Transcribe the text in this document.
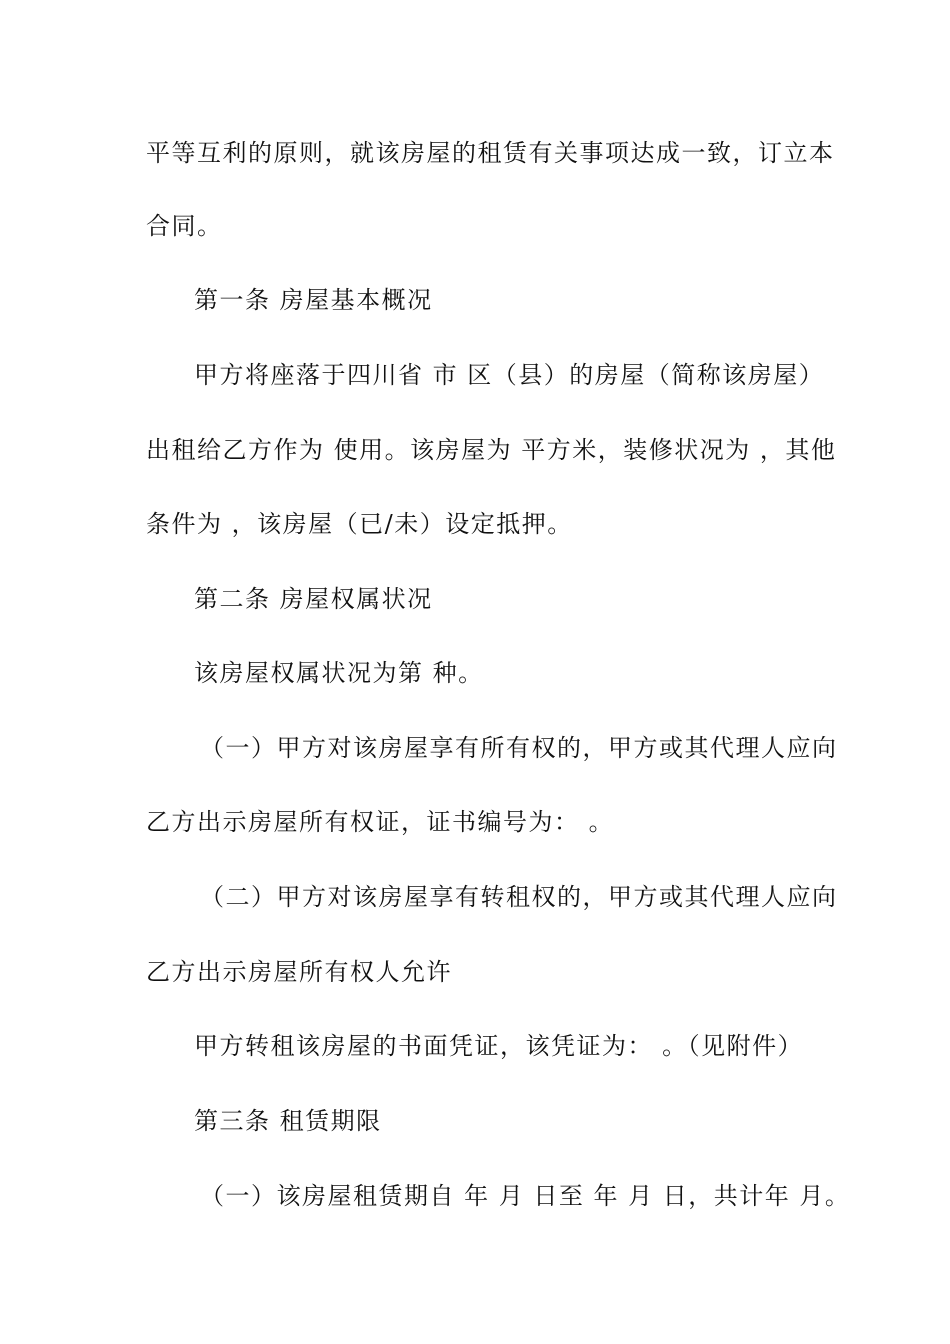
平等互利的原则，就该房屋的租赁有关事项达成一致，订立本
合同。
第一条 房屋基本概况
甲方将座落于四川省 市 区（县）的房屋（简称该房屋）
出租给乙方作为 使用。该房屋为 平方米，装修状况为 ，其他
条件为 ，该房屋（已/未）设定抵押。
第二条 房屋权属状况
该房屋权属状况为第 种。
（一）甲方对该房屋享有所有权的，甲方或其代理人应向
乙方出示房屋所有权证，证书编号为： 。
（二）甲方对该房屋享有转租权的，甲方或其代理人应向
乙方出示房屋所有权人允许
甲方转租该房屋的书面凭证，该凭证为： 。（见附件）
第三条 租赁期限
（一）该房屋租赁期自 年 月 日至 年 月 日，共计年 月。
